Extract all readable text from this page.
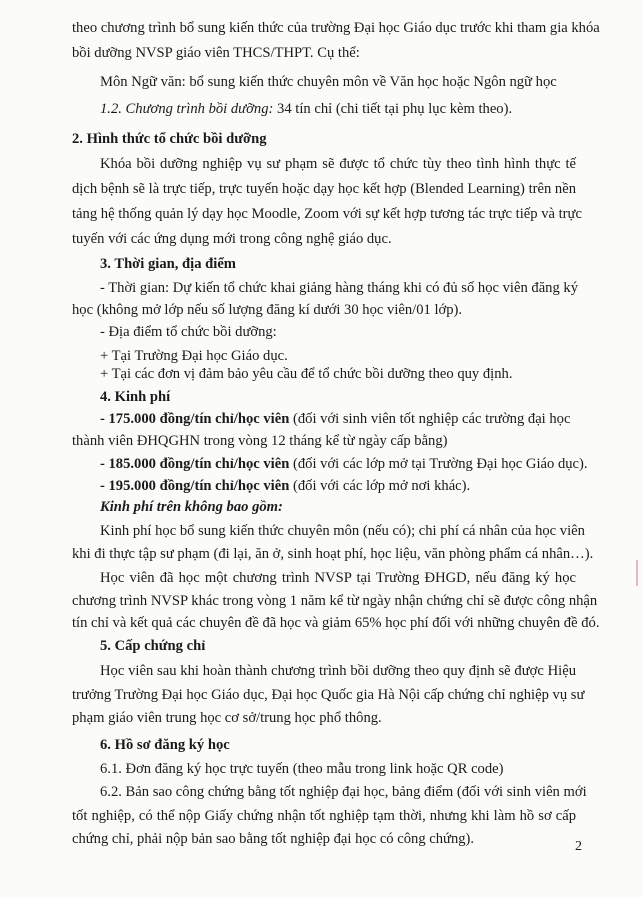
theo chương trình bổ sung kiến thức của trường Đại học Giáo dục trước khi tham gia khóa
bồi dưỡng NVSP giáo viên THCS/THPT. Cụ thể:
Môn Ngữ văn: bổ sung kiến thức chuyên môn về Văn học hoặc Ngôn ngữ học
1.2. Chương trình bồi dưỡng: 34 tín chỉ (chi tiết tại phụ lục kèm theo).
2. Hình thức tổ chức bồi dưỡng
Khóa bồi dưỡng nghiệp vụ sư phạm sẽ được tổ chức tùy theo tình hình thực tế
dịch bệnh sẽ là trực tiếp, trực tuyến hoặc dạy học kết hợp (Blended Learning) trên nền
tảng hệ thống quản lý dạy học Moodle, Zoom với sự kết hợp tương tác trực tiếp và trực
tuyến với các ứng dụng mới trong công nghệ giáo dục.
3. Thời gian, địa điểm
- Thời gian: Dự kiến tổ chức khai giảng hàng tháng khi có đủ số học viên đăng ký
học (không mở lớp nếu số lượng đăng kí dưới 30 học viên/01 lớp).
- Địa điểm tổ chức bồi dưỡng:
+ Tại Trường Đại học Giáo dục.
+ Tại các đơn vị đảm bảo yêu cầu để tổ chức bồi dưỡng theo quy định.
4. Kinh phí
- 175.000 đồng/tín chỉ/học viên (đối với sinh viên tốt nghiệp các trường đại học
thành viên ĐHQGHN trong vòng 12 tháng kể từ ngày cấp bằng)
- 185.000 đồng/tín chỉ/học viên (đối với các lớp mở tại Trường Đại học Giáo dục).
- 195.000 đồng/tín chỉ/học viên (đối với các lớp mở nơi khác).
Kinh phí trên không bao gồm:
Kinh phí học bổ sung kiến thức chuyên môn (nếu có); chi phí cá nhân của học viên
khi đi thực tập sư phạm (đi lại, ăn ở, sinh hoạt phí, học liệu, văn phòng phẩm cá nhân…).
Học viên đã học một chương trình NVSP tại Trường ĐHGD, nếu đăng ký học
chương trình NVSP khác trong vòng 1 năm kể từ ngày nhận chứng chỉ sẽ được công nhận
tín chỉ và kết quả các chuyên đề đã học và giảm 65% học phí đối với những chuyên đề đó.
5. Cấp chứng chỉ
Học viên sau khi hoàn thành chương trình bồi dưỡng theo quy định sẽ được Hiệu
trưởng Trường Đại học Giáo dục, Đại học Quốc gia Hà Nội cấp chứng chỉ nghiệp vụ sư
phạm giáo viên trung học cơ sở/trung học phổ thông.
6. Hồ sơ đăng ký học
6.1. Đơn đăng ký học trực tuyến (theo mẫu trong link hoặc QR code)
6.2. Bản sao công chứng bằng tốt nghiệp đại học, bảng điểm (đối với sinh viên mới
tốt nghiệp, có thể nộp Giấy chứng nhận tốt nghiệp tạm thời, nhưng khi làm hồ sơ cấp
chứng chỉ, phải nộp bản sao bằng tốt nghiệp đại học có công chứng).	2
